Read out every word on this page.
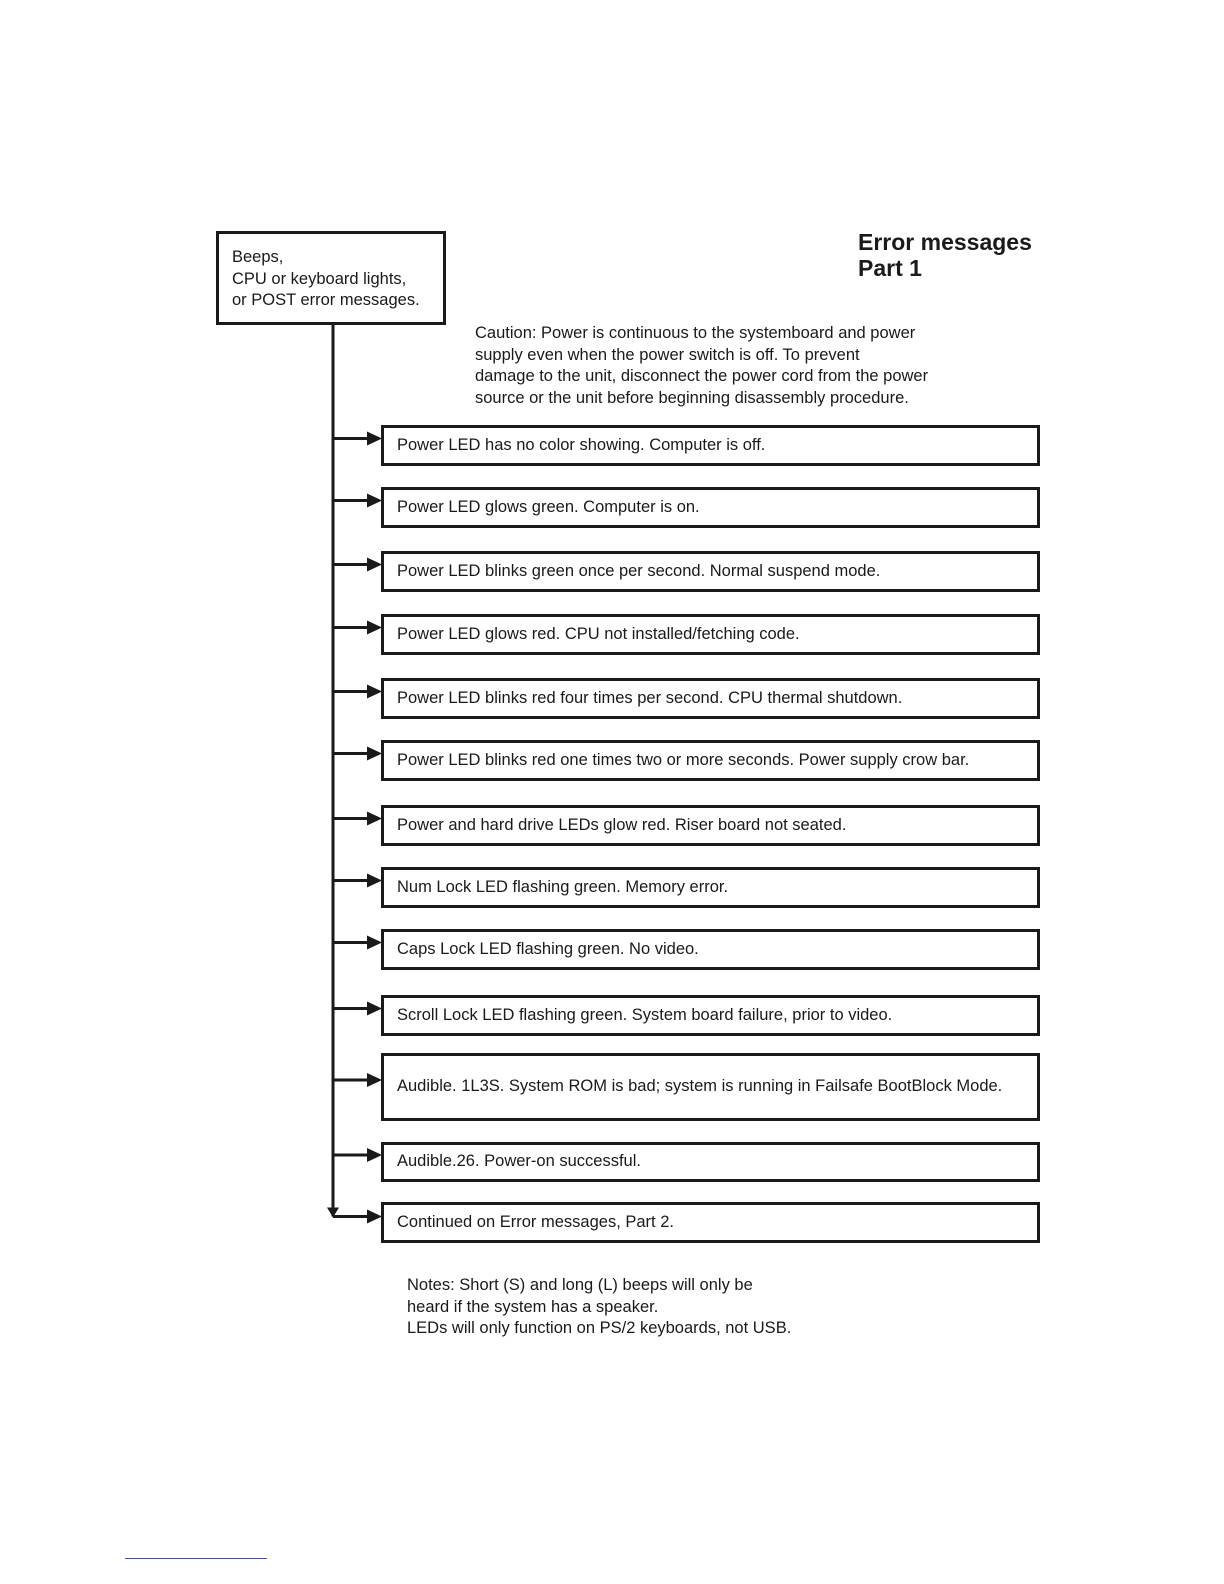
Beeps,
CPU or keyboard lights,
or POST error messages.
Error messages
Part 1
Caution: Power is continuous to the systemboard and power
supply even when the power switch is off. To prevent
damage to the unit, disconnect the power cord from the power
source or the unit before beginning disassembly procedure.
Power LED has no color showing. Computer is off.
Power LED glows green. Computer is on.
Power LED blinks green once per second. Normal suspend mode.
Power LED glows red. CPU not installed/fetching code.
Power LED blinks red four times per second. CPU thermal shutdown.
Power LED blinks red one times two or more seconds. Power supply crow bar.
Power and hard drive LEDs glow red. Riser board not seated.
Num Lock LED flashing green. Memory error.
Caps Lock LED flashing green. No video.
Scroll Lock LED flashing green. System board failure, prior to video.
Audible. 1L3S. System ROM is bad; system is running in Failsafe BootBlock Mode.
Audible.26. Power-on successful.
Continued on Error messages, Part 2.
Notes: Short (S) and long (L) beeps will only be
heard if the system has a speaker.
LEDs will only function on PS/2 keyboards, not USB.
